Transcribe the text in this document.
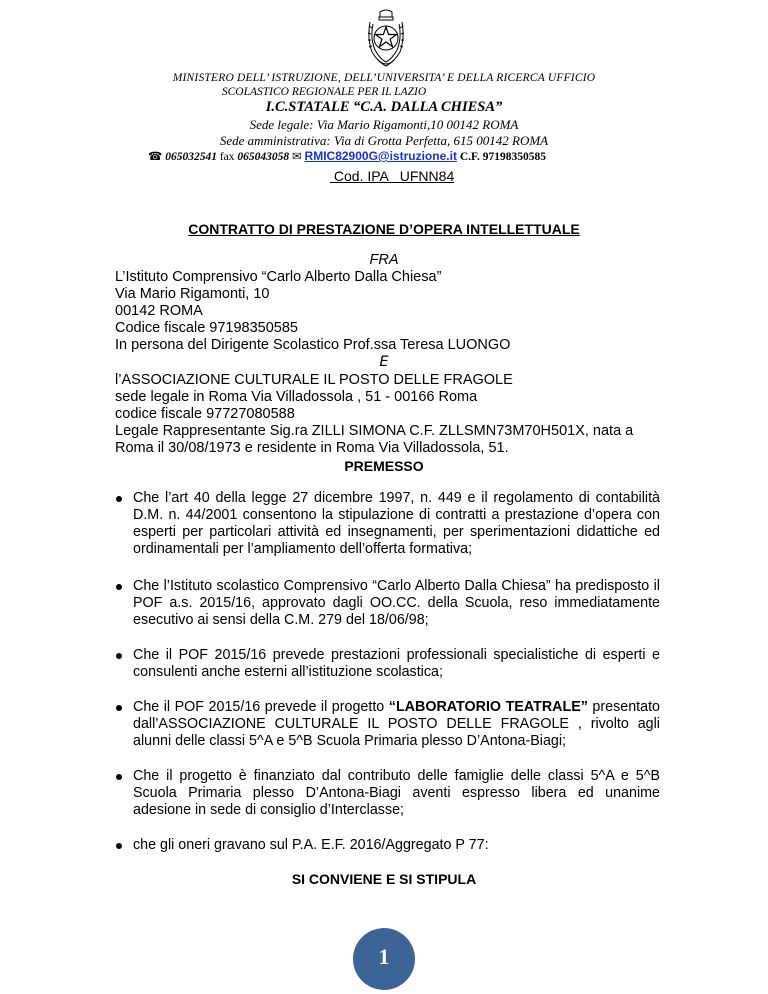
MINISTERO DELL’ ISTRUZIONE, DELL’UNIVERSITA’ E DELLA RICERCA UFFICIO
SCOLASTICO REGIONALE PER IL LAZIO
I.C.STATALE “C.A. DALLA CHIESA”
Sede legale: Via Mario Rigamonti,10 00142 ROMA
Sede amministrativa: Via di Grotta Perfetta, 615 00142 ROMA
☎ 065032541 fax 065043058 ✉ RMIC82900G@istruzione.it C.F. 97198350585
Cod. IPA   UFNN84
CONTRATTO DI PRESTAZIONE D’OPERA INTELLETTUALE
FRA
L’Istituto Comprensivo “Carlo Alberto Dalla Chiesa”
Via Mario Rigamonti, 10
00142 ROMA
Codice fiscale 97198350585
In persona del Dirigente Scolastico Prof.ssa Teresa LUONGO
E
l’ASSOCIAZIONE CULTURALE IL POSTO DELLE FRAGOLE
sede legale in Roma Via Villadossola , 51 - 00166 Roma
codice fiscale 97727080588
Legale Rappresentante Sig.ra ZILLI SIMONA C.F. ZLLSMN73M70H501X, nata a
Roma il 30/08/1973 e residente in Roma Via Villadossola, 51.
PREMESSO
Che l’art 40 della legge 27 dicembre 1997, n. 449 e il regolamento di contabilità D.M. n. 44/2001 consentono la stipulazione di contratti a prestazione d’opera con esperti per particolari attività ed insegnamenti, per sperimentazioni didattiche ed ordinamentali per l’ampliamento dell’offerta formativa;
Che l’Istituto scolastico Comprensivo “Carlo Alberto Dalla Chiesa” ha predisposto il POF a.s. 2015/16, approvato dagli OO.CC. della Scuola, reso immediatamente esecutivo ai sensi della C.M. 279 del 18/06/98;
Che il POF 2015/16 prevede prestazioni professionali specialistiche di esperti e consulenti anche esterni all’istituzione scolastica;
Che il POF 2015/16 prevede il progetto “LABORATORIO TEATRALE” presentato dall’ASSOCIAZIONE CULTURALE IL POSTO DELLE FRAGOLE , rivolto agli alunni delle classi 5^A e 5^B Scuola Primaria plesso D’Antona-Biagi;
Che il progetto è finanziato dal contributo delle famiglie delle classi 5^A e 5^B Scuola Primaria plesso D’Antona-Biagi aventi espresso libera ed unanime adesione in sede di consiglio d’Interclasse;
che gli oneri gravano sul P.A. E.F. 2016/Aggregato P 77:
SI CONVIENE E SI STIPULA
1
